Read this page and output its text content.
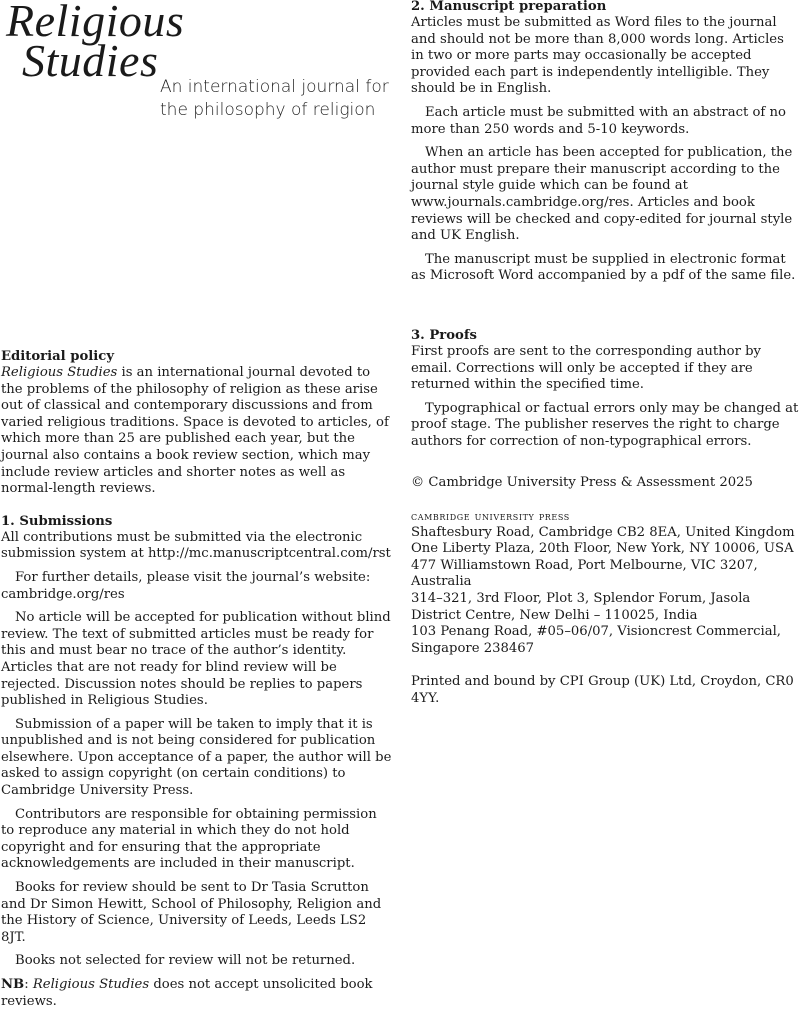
Religious
Studies
An international journal for
the philosophy of religion
Editorial policy

Religious Studies is an international journal devoted to the problems of the philosophy of religion as these arise out of classical and contemporary discussions and from varied religious traditions. Space is devoted to articles, of which more than 25 are published each year, but the journal also contains a book review section, which may include review articles and shorter notes as well as normal-length reviews.

1. Submissions

All contributions must be submitted via the electronic submission system at http://mc.manuscriptcentral.com/rst

For further details, please visit the journal’s website: cambridge.org/res

No article will be accepted for publication without blind review. The text of submitted articles must be ready for this and must bear no trace of the author’s identity. Articles that are not ready for blind review will be rejected. Discussion notes should be replies to papers published in Religious Studies.

Submission of a paper will be taken to imply that it is unpublished and is not being considered for publication elsewhere. Upon acceptance of a paper, the author will be asked to assign copyright (on certain conditions) to Cambridge University Press.

Contributors are responsible for obtaining permission to reproduce any material in which they do not hold copyright and for ensuring that the appropriate acknowledgements are included in their manuscript.

Books for review should be sent to Dr Tasia Scrutton and Dr Simon Hewitt, School of Philosophy, Religion and the History of Science, University of Leeds, Leeds LS2 8JT.

Books not selected for review will not be returned.

NB: Religious Studies does not accept unsolicited book reviews.

2. Manuscript preparation

Articles must be submitted as Word files to the journal and should not be more than 8,000 words long. Articles in two or more parts may occasionally be accepted provided each part is independently intelligible. They should be in English.

Each article must be submitted with an abstract of no more than 250 words and 5-10 keywords.

When an article has been accepted for publication, the author must prepare their manuscript according to the journal style guide which can be found at www.journals.cambridge.org/res. Articles and book reviews will be checked and copy-edited for journal style and UK English.

The manuscript must be supplied in electronic format as Microsoft Word accompanied by a pdf of the same file.

3. Proofs

First proofs are sent to the corresponding author by email. Corrections will only be accepted if they are returned within the specified time.

Typographical or factual errors only may be changed at proof stage. The publisher reserves the right to charge authors for correction of non-typographical errors.

© Cambridge University Press & Assessment 2025

cambridge university press

Shaftesbury Road, Cambridge CB2 8EA, United Kingdom

One Liberty Plaza, 20th Floor, New York, NY 10006, USA

477 Williamstown Road, Port Melbourne, VIC 3207, Australia

314–321, 3rd Floor, Plot 3, Splendor Forum, Jasola District Centre, New Delhi – 110025, India

103 Penang Road, #05–06/07, Visioncrest Commercial, Singapore 238467

Printed and bound by CPI Group (UK) Ltd, Croydon, CR0 4YY.
